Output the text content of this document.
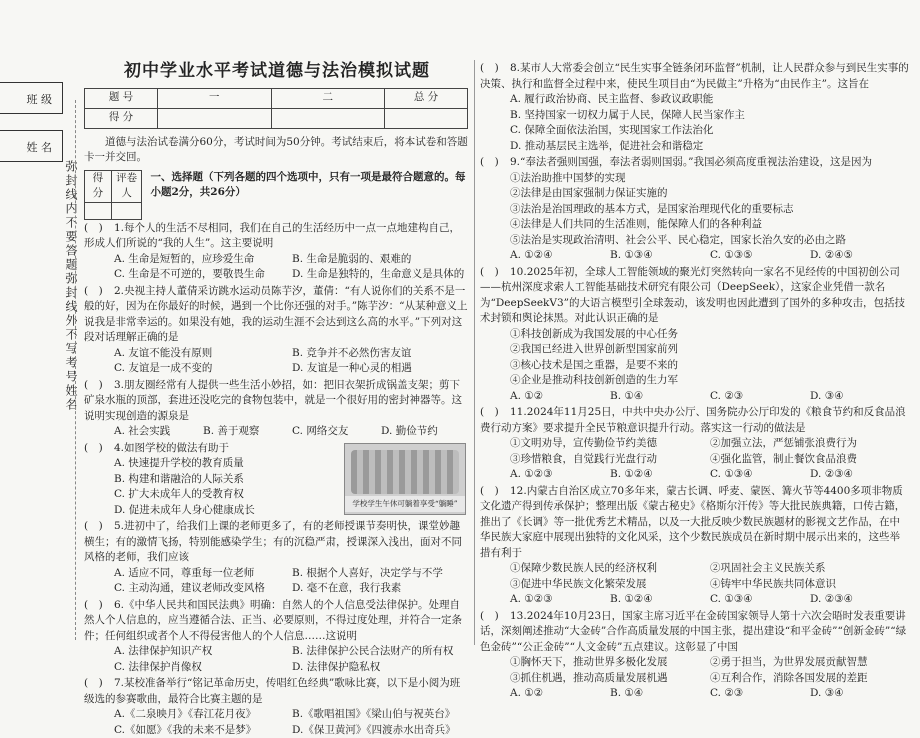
班 级
姓 名
弥封线内不要答题弥封线外不写考号姓名
初中学业水平考试道德与法治模拟试题
题 号	一	二	总 分
得 分			
道德与法治试卷满分60分，考试时间为50分钟。考试结束后，将本试卷和答题卡一并交回。
得 分	评卷人

一、选择题（下列各题的四个选项中，只有一项是最符合题意的。每小题2分，共26分）
(　) 1.每个人的生活不尽相同，我们在自己的生活经历中一点一点地建构自己，形成人们所说的“我的人生”。这主要说明
A. 生命是短暂的，应珍爱生命	B. 生命是脆弱的、艰难的
C. 生命是不可逆的，要敬畏生命	D. 生命是独特的，生命意义是具体的
(　) 2.央视主持人董倩采访跳水运动员陈芋汐，董倩：“有人说你们的关系不是一般的好，因为在你最好的时候，遇到一个比你还强的对手。”陈芋汐：“从某种意义上说我是非常幸运的。如果没有她，我的运动生涯不会达到这么高的水平。”下列对这段对话理解正确的是
A. 友谊不能没有原则	B. 竞争并不必然伤害友谊
C. 友谊是一成不变的	D. 友谊是一种心灵的相遇
(　) 3.朋友圈经常有人提供一些生活小妙招，如：把旧衣架折成锅盖支架；剪下矿泉水瓶的顶部，套进还没吃完的食物包装中，就是一个很好用的密封神器等。这说明实现创造的源泉是
A. 社会实践	B. 善于观察	C. 网络交友	D. 勤俭节约
学校学生午休可躺着享受“躺睡”
(　) 4.如图学校的做法有助于
A. 快速提升学校的教育质量
B. 构建和谐融洽的人际关系
C. 扩大未成年人的受教育权
D. 促进未成年人身心健康成长
(　) 5.进初中了，给我们上课的老师更多了，有的老师授课节奏明快，课堂妙趣横生；有的激情飞扬，特别能感染学生；有的沉稳严肃，授课深入浅出，面对不同风格的老师，我们应该
A. 适应不同，尊重每一位老师	B. 根据个人喜好，决定学与不学
C. 主动沟通，建议老师改变风格	D. 毫不在意，我行我素
(　) 6.《中华人民共和国民法典》明确：自然人的个人信息受法律保护。处理自然人个人信息的，应当遵循合法、正当、必要原则，不得过度处理，并符合一定条件；任何组织或者个人不得侵害他人的个人信息……这说明
A. 法律保护知识产权	B. 法律保护公民合法财产的所有权
C. 法律保护肖像权	D. 法律保护隐私权
(　) 7.某校准备举行“铭记革命历史，传唱红色经典”歌咏比赛，以下是小阅为班级选的参赛歌曲，最符合比赛主题的是
A.《二泉映月》《春江花月夜》	B.《歌唱祖国》《梁山伯与祝英台》
C.《如愿》《我的未来不是梦》	D.《保卫黄河》《四渡赤水出奇兵》
(　) 8.某市人大常委会创立“民生实事全链条闭环监督”机制，让人民群众参与到民生实事的决策、执行和监督全过程中来，使民生项目由“为民做主”升格为“由民作主”。这旨在
A. 履行政治协商、民主监督、参政议政职能
B. 坚持国家一切权力属于人民，保障人民当家作主
C. 保障全面依法治国，实现国家工作法治化
D. 推动基层民主选举，促进社会和谐稳定
(　) 9.“奉法者强则国强，奉法者弱则国弱。”我国必须高度重视法治建设，这是因为
①法治助推中国梦的实现
②法律是由国家强制力保证实施的
③法治是治国理政的基本方式，是国家治理现代化的重要标志
④法律是人们共同的生活准则，能保障人们的各种利益
⑤法治是实现政治清明、社会公平、民心稳定，国家长治久安的必由之路
A. ①②④	B. ①③④	C. ①③⑤	D. ②④⑤
(　) 10.2025年初，全球人工智能领域的聚光灯突然转向一家名不见经传的中国初创公司——杭州深度求索人工智能基础技术研究有限公司（DeepSeek），这家企业凭借一款名为“DeepSeekV3”的大语言模型引全球轰动，该发明也因此遭到了国外的多种攻击，包括技术封锁和舆论抹黑。对此认识正确的是
①科技创新成为我国发展的中心任务
②我国已经进入世界创新型国家前列
③核心技术是国之重器，是要不来的
④企业是推动科技创新创造的生力军
A. ①②	B. ①④	C. ②③	D. ③④
(　) 11.2024年11月25日，中共中央办公厅、国务院办公厅印发的《粮食节约和反食品浪费行动方案》要求提升全民节粮意识提升行动。落实这一行动的做法是
①文明劝导，宣传勤俭节约美德	②加强立法，严惩铺张浪费行为
③珍惜粮食，自觉践行光盘行动	④强化监管，制止餐饮食品浪费
A. ①②③	B. ①②④	C. ①③④	D. ②③④
(　) 12.内蒙古自治区成立70多年来，蒙古长调、呼麦、蒙医、篝火节等4400多项非物质文化遗产得到传承保护；整理出版《蒙古秘史》《格斯尔汗传》等大批民族典籍，口传古籍，推出了《长调》等一批优秀艺术精品，以及一大批反映少数民族题材的影视文艺作品，在中华民族大家庭中展现出独特的文化风采，这个少数民族成员在新时期中展示出来的，这些举措有利于
①保障少数民族人民的经济权利	②巩固社会主义民族关系
③促进中华民族文化繁荣发展	④铸牢中华民族共同体意识
A. ①②③	B. ①②④	C. ①③④	D. ②③④
(　) 13.2024年10月23日，国家主席习近平在金砖国家领导人第十六次会晤时发表重要讲话，深刻阐述推动“大金砖”合作高质量发展的中国主张，提出建设“和平金砖”“创新金砖”“绿色金砖”“公正金砖”“人文金砖”五点建议。这彰显了中国
①胸怀天下，推动世界多极化发展	②勇于担当，为世界发展贡献智慧
③抓住机遇，推动高质量发展机遇	④互利合作，消除各国发展的差距
A. ①②	B. ①④	C. ②③	D. ③④
